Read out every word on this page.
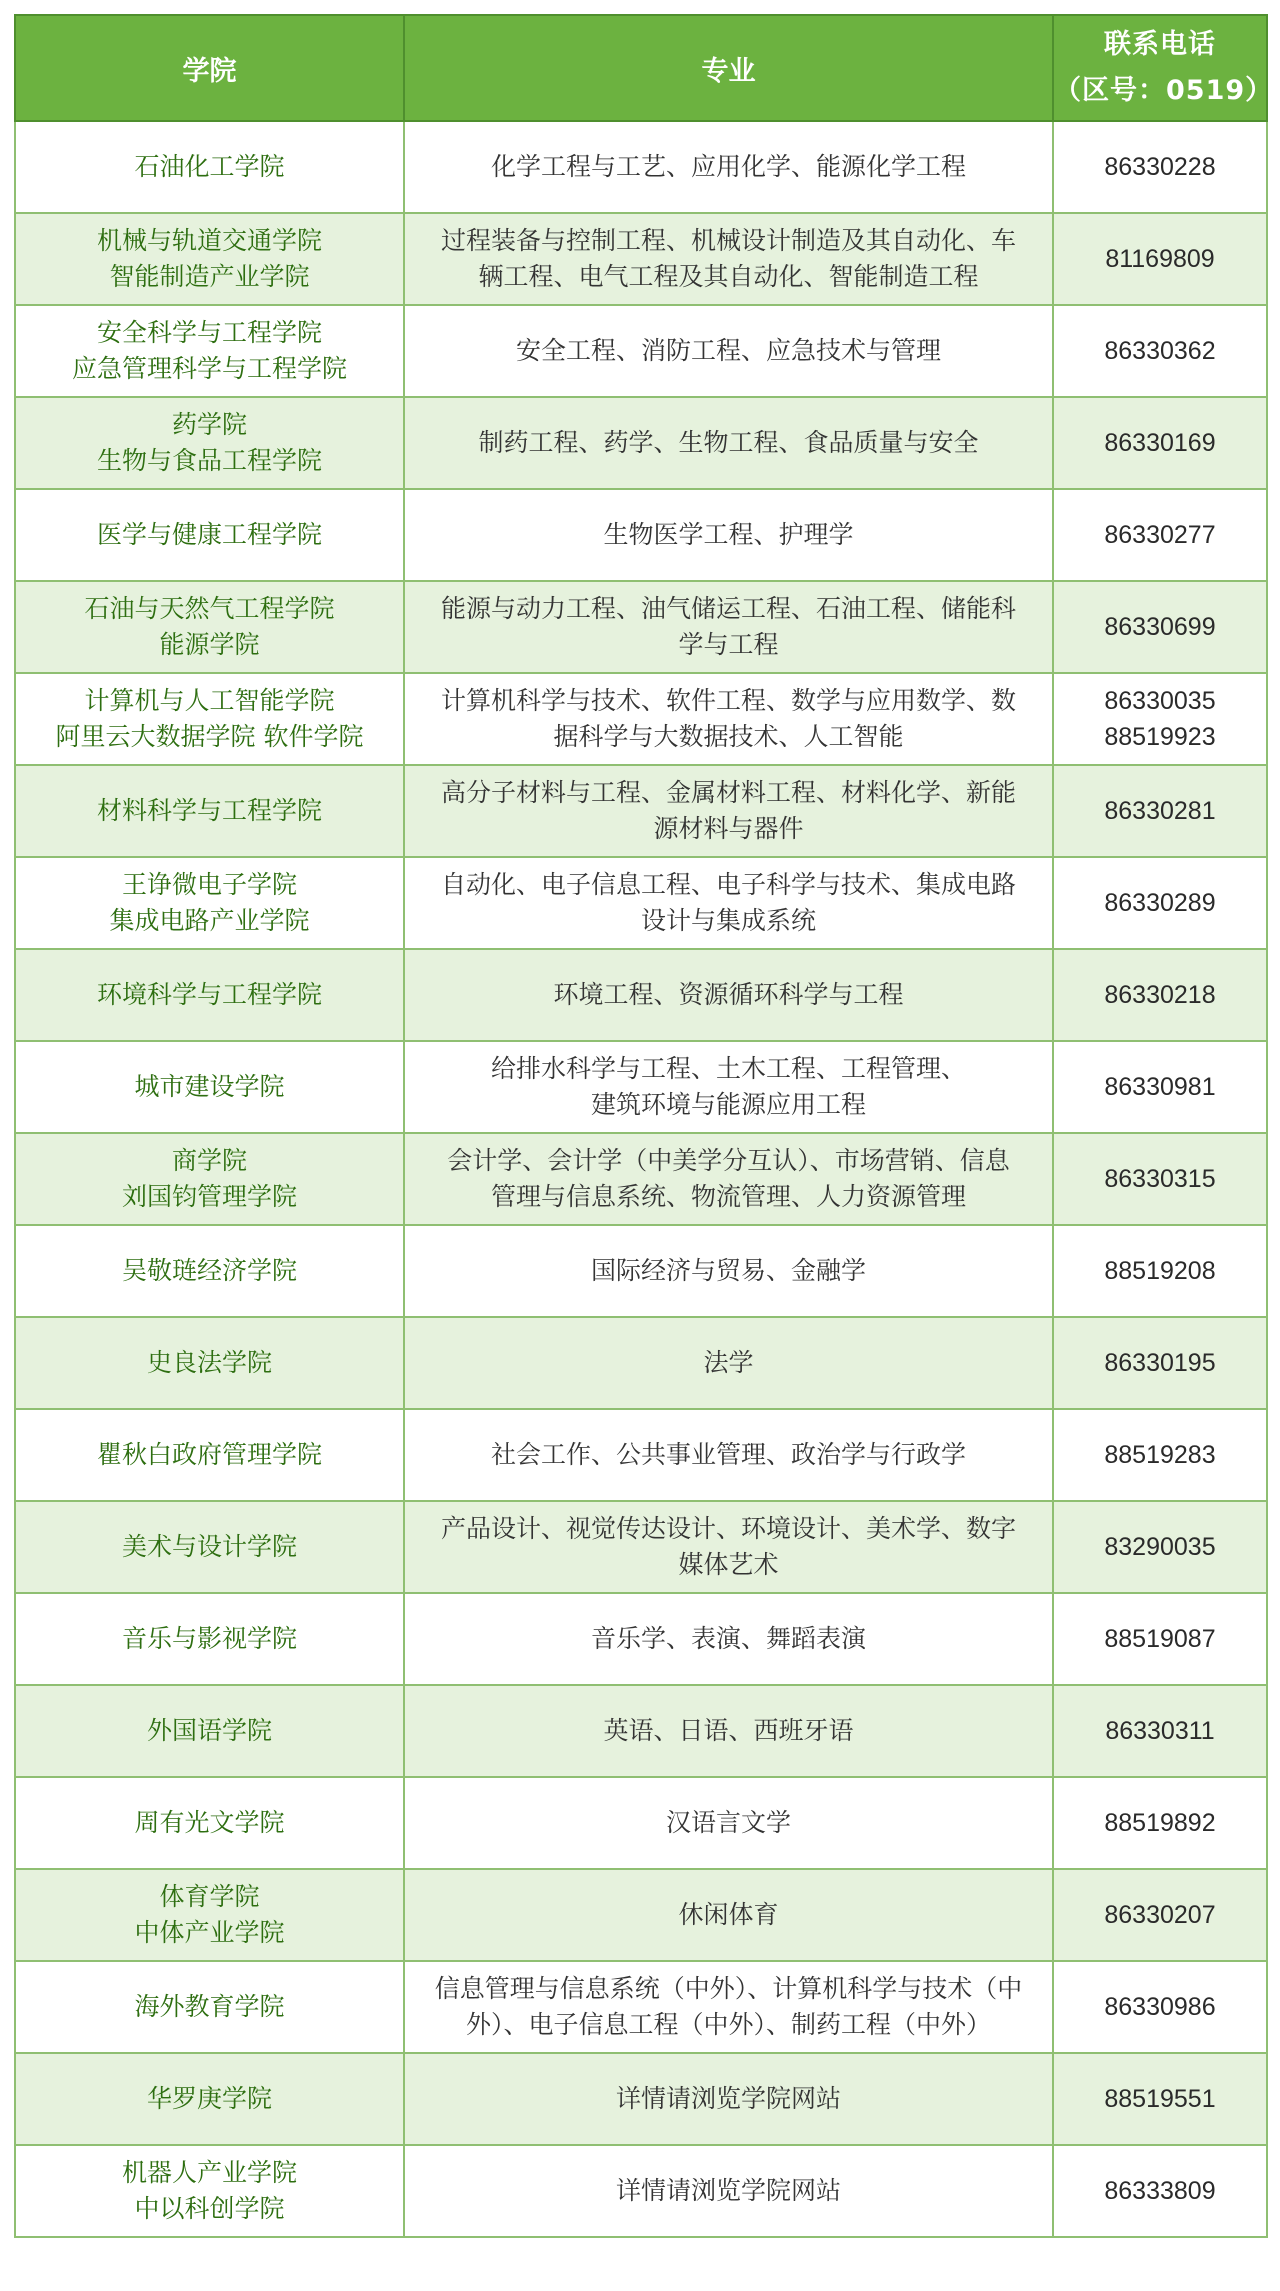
学院	专业	联系电话
（区号：0519）

石油化工学院	化学工程与工艺、应用化学、能源化学工程	86330228

机械与轨道交通学院
智能制造产业学院	过程装备与控制工程、机械设计制造及其自动化、车
辆工程、电气工程及其自动化、智能制造工程	81169809

安全科学与工程学院
应急管理科学与工程学院	安全工程、消防工程、应急技术与管理	86330362

药学院
生物与食品工程学院	制药工程、药学、生物工程、食品质量与安全	86330169

医学与健康工程学院	生物医学工程、护理学	86330277

石油与天然气工程学院
能源学院	能源与动力工程、油气储运工程、石油工程、储能科
学与工程	86330699

计算机与人工智能学院
阿里云大数据学院 软件学院	计算机科学与技术、软件工程、数学与应用数学、数
据科学与大数据技术、人工智能	86330035
88519923

材料科学与工程学院	高分子材料与工程、金属材料工程、材料化学、新能
源材料与器件	86330281

王诤微电子学院
集成电路产业学院	自动化、电子信息工程、电子科学与技术、集成电路
设计与集成系统	86330289

环境科学与工程学院	环境工程、资源循环科学与工程	86330218

城市建设学院	给排水科学与工程、土木工程、工程管理、
建筑环境与能源应用工程	86330981

商学院
刘国钧管理学院	会计学、会计学（中美学分互认）、市场营销、信息
管理与信息系统、物流管理、人力资源管理	86330315

吴敬琏经济学院	国际经济与贸易、金融学	88519208

史良法学院	法学	86330195

瞿秋白政府管理学院	社会工作、公共事业管理、政治学与行政学	88519283

美术与设计学院	产品设计、视觉传达设计、环境设计、美术学、数字
媒体艺术	83290035

音乐与影视学院	音乐学、表演、舞蹈表演	88519087

外国语学院	英语、日语、西班牙语	86330311

周有光文学院	汉语言文学	88519892

体育学院
中体产业学院	休闲体育	86330207

海外教育学院	信息管理与信息系统（中外）、计算机科学与技术（中
外）、电子信息工程（中外）、制药工程（中外）	86330986

华罗庚学院	详情请浏览学院网站	88519551

机器人产业学院
中以科创学院	详情请浏览学院网站	86333809
